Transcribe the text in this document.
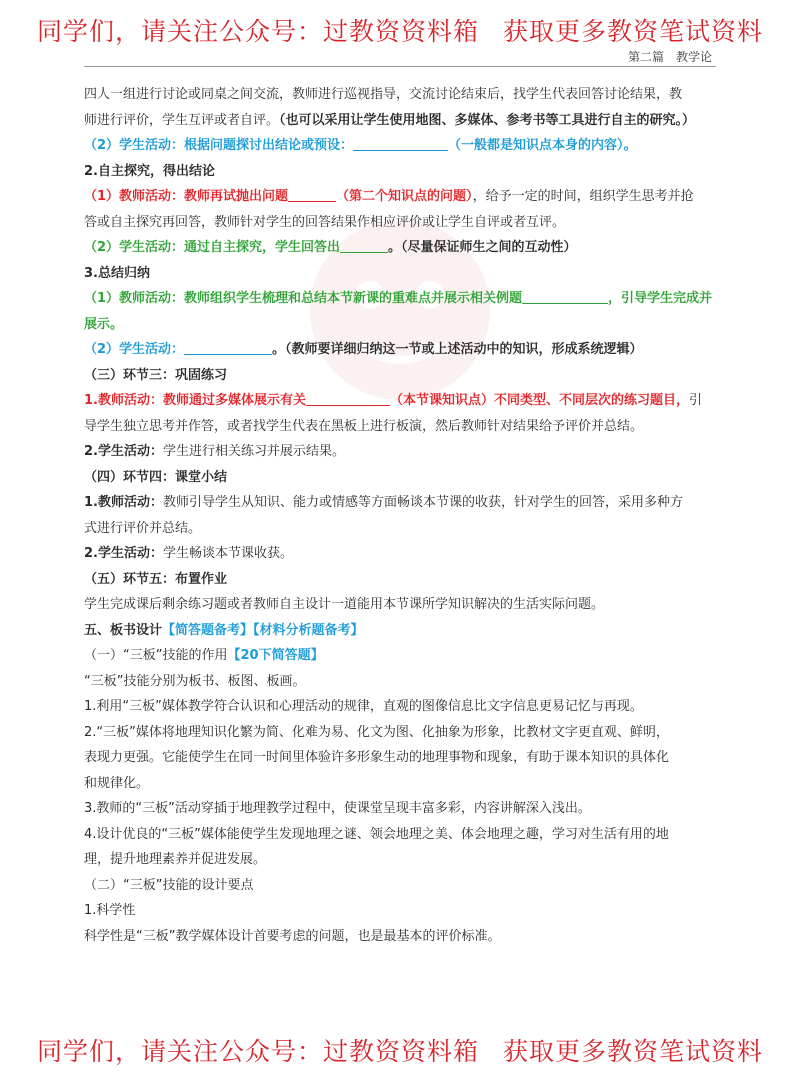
同学们，请关注公众号：过教资资料箱 获取更多教资笔试资料
第二篇　教学论

四人一组进行讨论或同桌之间交流，教师进行巡视指导，交流讨论结束后，找学生代表回答讨论结果，教

师进行评价，学生互评或者自评。（也可以采用让学生使用地图、多媒体、参考书等工具进行自主的研究。）

（2）学生活动：根据问题探讨出结论或预设：	（一般都是知识点本身的内容）。

2.自主探究，得出结论

（1）教师活动：教师再试抛出问题	（第二个知识点的问题），给予一定的时间，组织学生思考并抢

答或自主探究再回答，教师针对学生的回答结果作相应评价或让学生自评或者互评。

（2）学生活动：通过自主探究，学生回答出	。（尽量保证师生之间的互动性）

3.总结归纳

（1）教师活动：教师组织学生梳理和总结本节新课的重难点并展示相关例题	，引导学生完成并

展示。

（2）学生活动：	。（教师要详细归纳这一节或上述活动中的知识，形成系统逻辑）

（三）环节三：巩固练习

1.教师活动：教师通过多媒体展示有关	（本节课知识点）不同类型、不同层次的练习题目，引

导学生独立思考并作答，或者找学生代表在黑板上进行板演，然后教师针对结果给予评价并总结。

2.学生活动：学生进行相关练习并展示结果。

（四）环节四：课堂小结

1.教师活动：教师引导学生从知识、能力或情感等方面畅谈本节课的收获，针对学生的回答，采用多种方

式进行评价并总结。

2.学生活动：学生畅谈本节课收获。

（五）环节五：布置作业

学生完成课后剩余练习题或者教师自主设计一道能用本节课所学知识解决的生活实际问题。

五、板书设计【简答题备考】【材料分析题备考】

（一）“三板”技能的作用【20下简答题】

“三板”技能分别为板书、板图、板画。

1.利用“三板”媒体教学符合认识和心理活动的规律，直观的图像信息比文字信息更易记忆与再现。

2.“三板”媒体将地理知识化繁为简、化难为易、化文为图、化抽象为形象，比教材文字更直观、鲜明，

表现力更强。它能使学生在同一时间里体验许多形象生动的地理事物和现象，有助于课本知识的具体化

和规律化。

3.教师的“三板”活动穿插于地理教学过程中，使课堂呈现丰富多彩，内容讲解深入浅出。

4.设计优良的“三板”媒体能使学生发现地理之谜、领会地理之美、体会地理之趣，学习对生活有用的地

理，提升地理素养并促进发展。

（二）“三板”技能的设计要点

1.科学性

科学性是“三板”教学媒体设计首要考虑的问题，也是最基本的评价标准。

同学们，请关注公众号：过教资资料箱 获取更多教资笔试资料
